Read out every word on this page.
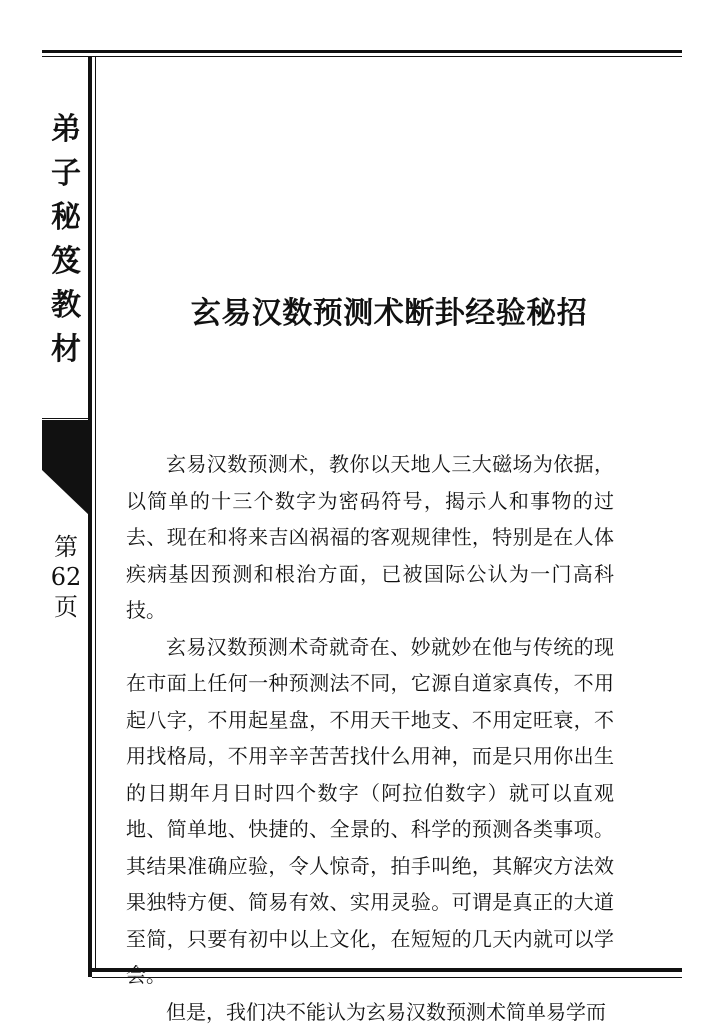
弟
子
秘
笈
教
材
第
62
页
玄易汉数预测术断卦经验秘招

玄易汉数预测术，教你以天地人三大磁场为依据，以简单的十三个数字为密码符号，揭示人和事物的过去、现在和将来吉凶祸福的客观规律性，特别是在人体疾病基因预测和根治方面，已被国际公认为一门高科技。

玄易汉数预测术奇就奇在、妙就妙在他与传统的现在市面上任何一种预测法不同，它源自道家真传，不用起八字，不用起星盘，不用天干地支、不用定旺衰，不用找格局，不用辛辛苦苦找什么用神，而是只用你出生的日期年月日时四个数字（阿拉伯数字）就可以直观地、简单地、快捷的、全景的、科学的预测各类事项。其结果准确应验，令人惊奇，拍手叫绝，其解灾方法效果独特方便、简易有效、实用灵验。可谓是真正的大道至简，只要有初中以上文化，在短短的几天内就可以学会。

但是，我们决不能认为玄易汉数预测术简单易学而
